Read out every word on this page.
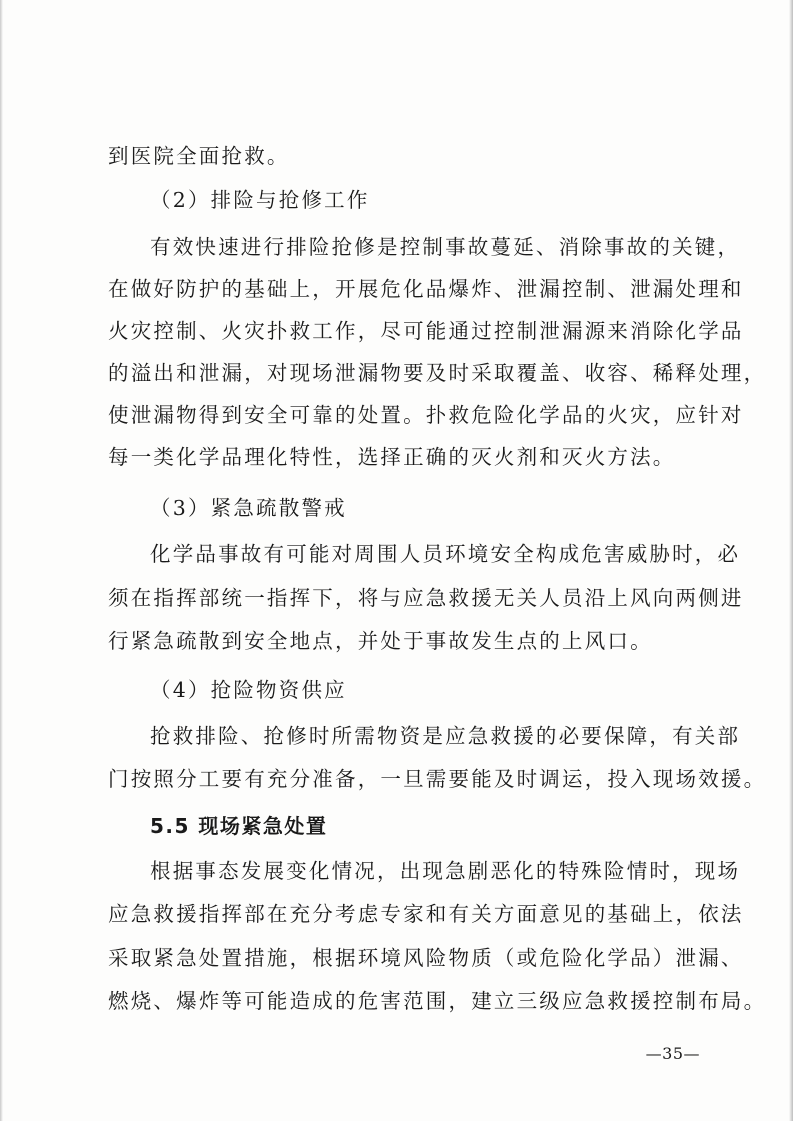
到医院全面抢救。
（2）排险与抢修工作
有效快速进行排险抢修是控制事故蔓延、消除事故的关键，
在做好防护的基础上，开展危化品爆炸、泄漏控制、泄漏处理和
火灾控制、火灾扑救工作，尽可能通过控制泄漏源来消除化学品
的溢出和泄漏，对现场泄漏物要及时采取覆盖、收容、稀释处理，
使泄漏物得到安全可靠的处置。扑救危险化学品的火灾，应针对
每一类化学品理化特性，选择正确的灭火剂和灭火方法。
（3）紧急疏散警戒
化学品事故有可能对周围人员环境安全构成危害威胁时，必
须在指挥部统一指挥下，将与应急救援无关人员沿上风向两侧进
行紧急疏散到安全地点，并处于事故发生点的上风口。
（4）抢险物资供应
抢救排险、抢修时所需物资是应急救援的必要保障，有关部
门按照分工要有充分准备，一旦需要能及时调运，投入现场效援。
5.5 现场紧急处置
根据事态发展变化情况，出现急剧恶化的特殊险情时，现场
应急救援指挥部在充分考虑专家和有关方面意见的基础上，依法
采取紧急处置措施，根据环境风险物质（或危险化学品）泄漏、
燃烧、爆炸等可能造成的危害范围，建立三级应急救援控制布局。
—35—
